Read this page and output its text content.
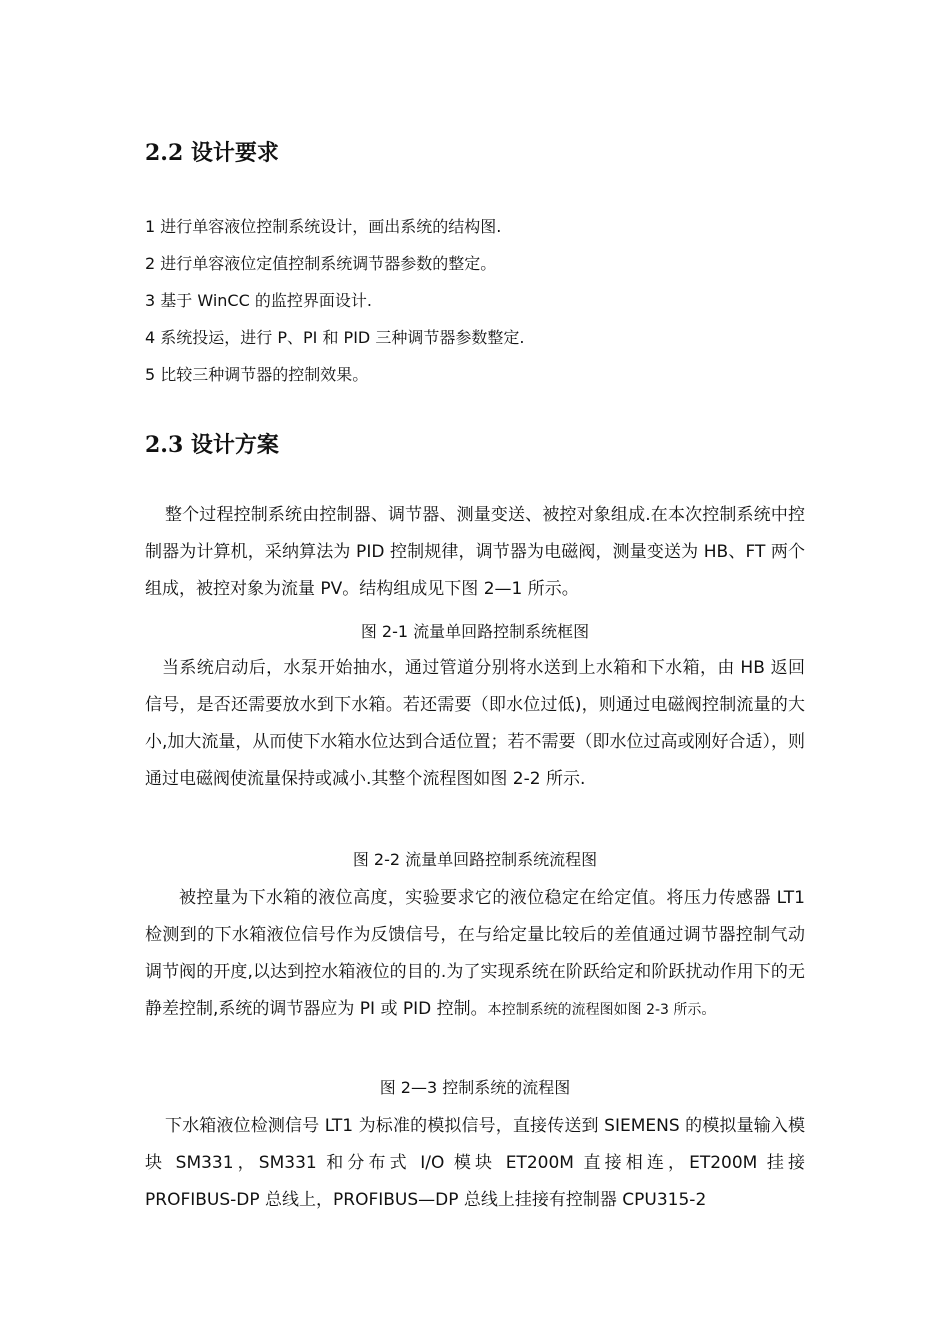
2.2 设计要求
1 进行单容液位控制系统设计，画出系统的结构图.
2 进行单容液位定值控制系统调节器参数的整定。
3 基于 WinCC 的监控界面设计.
4 系统投运，进行 P、PI 和 PID 三种调节器参数整定.
5 比较三种调节器的控制效果。
2.3 设计方案

整个过程控制系统由控制器、调节器、测量变送、被控对象组成.在本次控制系统中控制器为计算机，采纳算法为 PID 控制规律，调节器为电磁阀，测量变送为 HB、FT 两个组成，被控对象为流量 PV。结构组成见下图 2—1 所示。

图 2-1 流量单回路控制系统框图

当系统启动后，水泵开始抽水，通过管道分别将水送到上水箱和下水箱，由 HB 返回信号，是否还需要放水到下水箱。若还需要（即水位过低)，则通过电磁阀控制流量的大小,加大流量，从而使下水箱水位达到合适位置；若不需要（即水位过高或刚好合适），则通过电磁阀使流量保持或减小.其整个流程图如图 2-2 所示.

图 2-2 流量单回路控制系统流程图

被控量为下水箱的液位高度，实验要求它的液位稳定在给定值。将压力传感器 LT1 检测到的下水箱液位信号作为反馈信号，在与给定量比较后的差值通过调节器控制气动调节阀的开度,以达到控水箱液位的目的.为了实现系统在阶跃给定和阶跃扰动作用下的无静差控制,系统的调节器应为 PI 或 PID 控制。本控制系统的流程图如图 2-3 所示。

图 2—3 控制系统的流程图

下水箱液位检测信号 LT1 为标准的模拟信号，直接传送到 SIEMENS 的模拟量输入模块 SM331，SM331 和分布式 I/O 模块 ET200M 直接相连，ET200M 挂接 PROFIBUS-DP 总线上，PROFIBUS—DP 总线上挂接有控制器 CPU315-2
